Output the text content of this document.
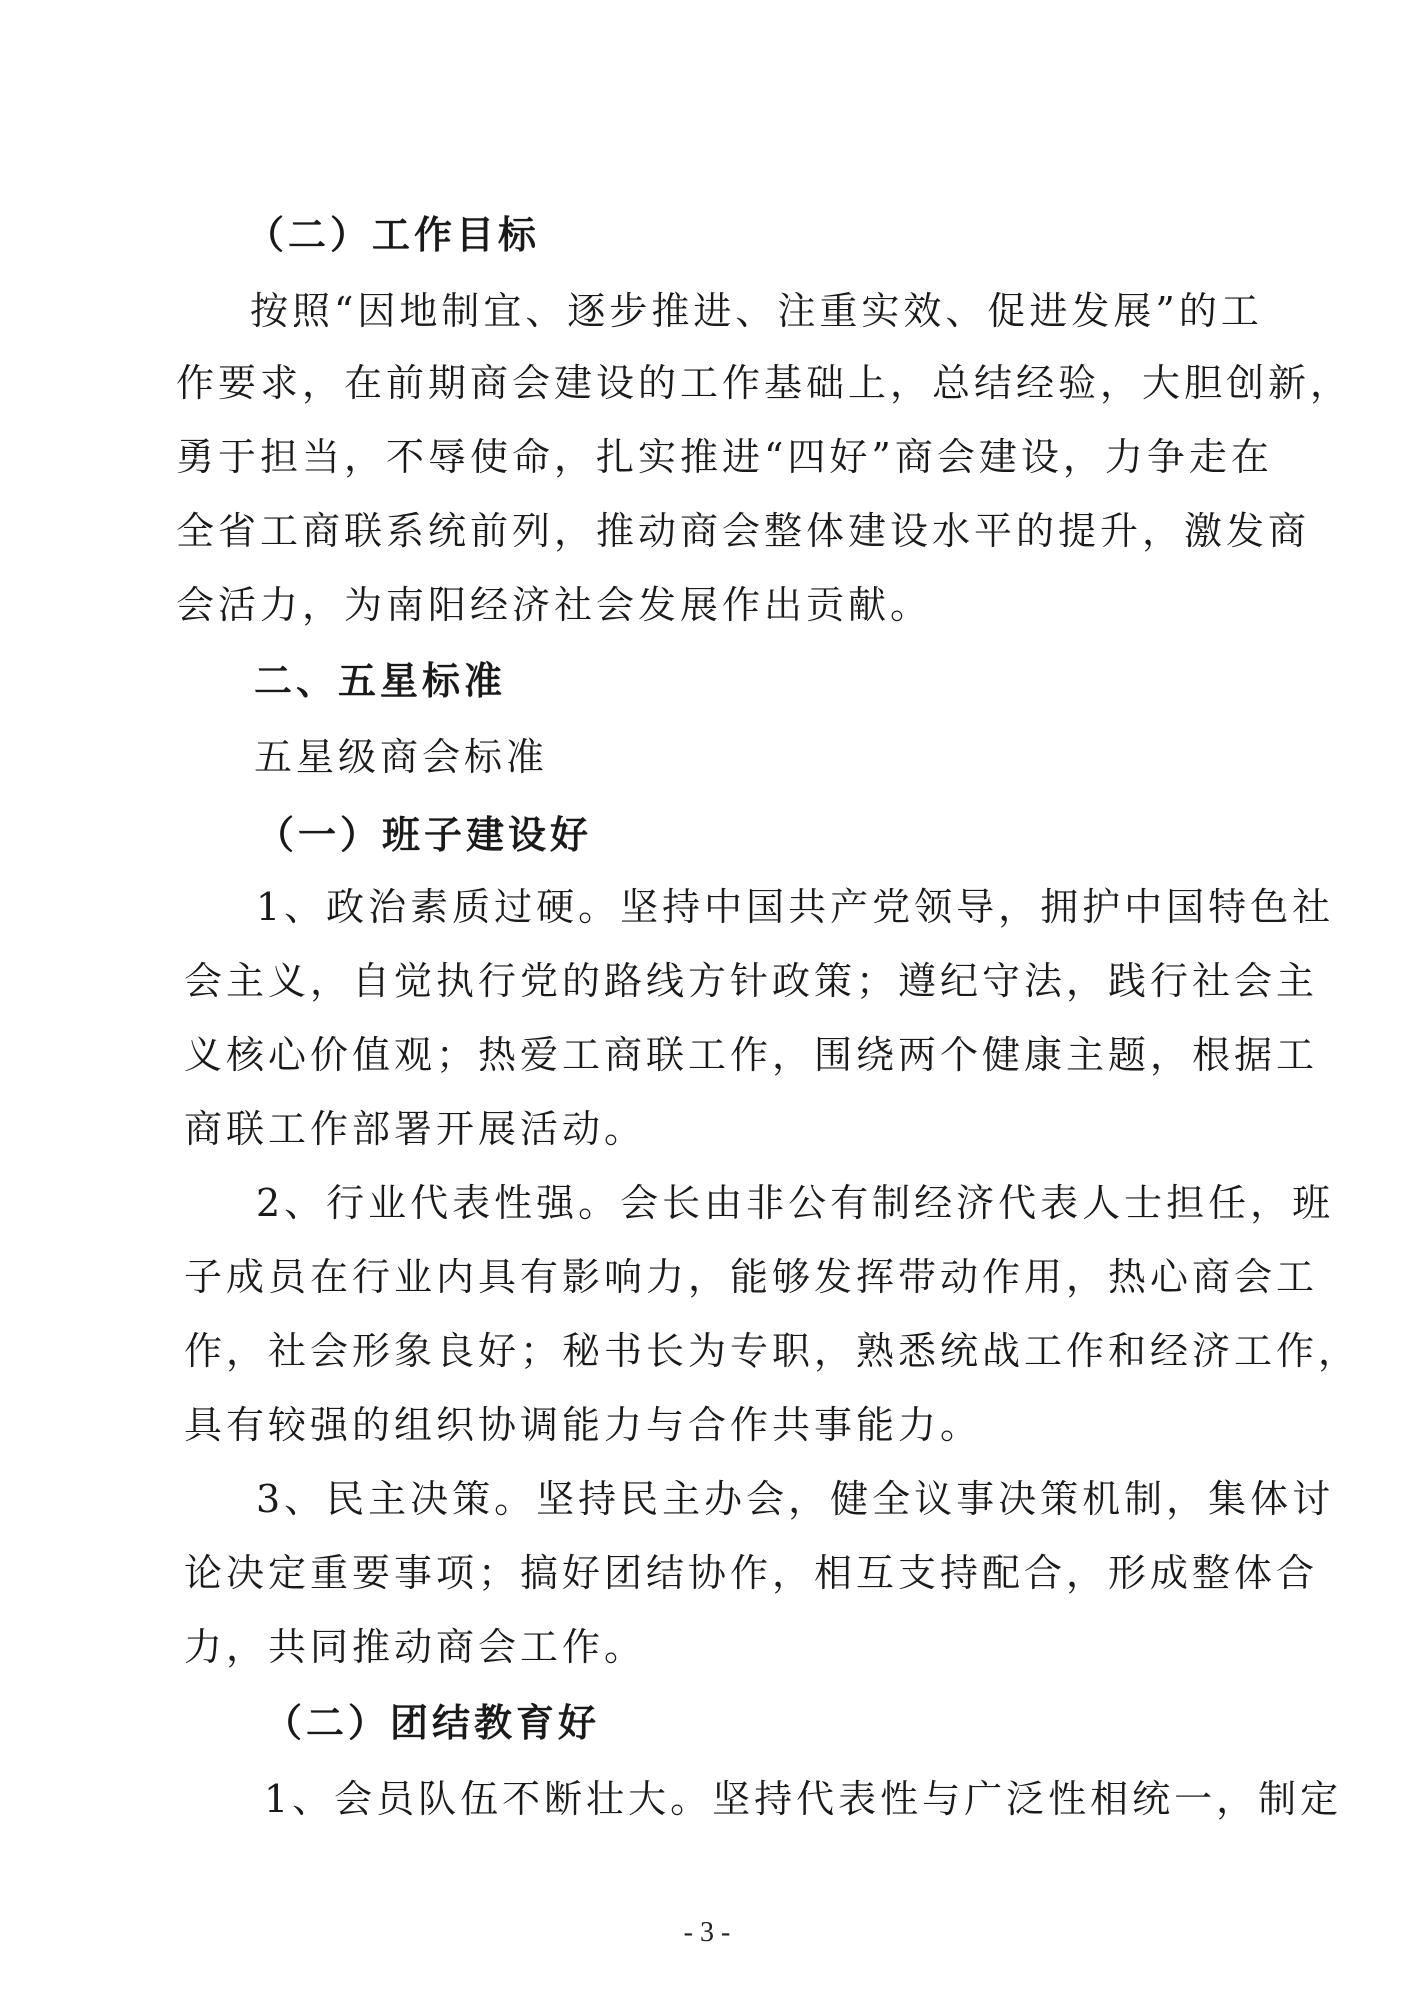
（二）工作目标
按照“因地制宜、逐步推进、注重实效、促进发展”的工
作要求，在前期商会建设的工作基础上，总结经验，大胆创新，
勇于担当，不辱使命，扎实推进“四好”商会建设，力争走在
全省工商联系统前列，推动商会整体建设水平的提升，激发商
会活力，为南阳经济社会发展作出贡献。
二、五星标准
五星级商会标准
（一）班子建设好
1、政治素质过硬。坚持中国共产党领导，拥护中国特色社
会主义，自觉执行党的路线方针政策；遵纪守法，践行社会主
义核心价值观；热爱工商联工作，围绕两个健康主题，根据工
商联工作部署开展活动。
2、行业代表性强。会长由非公有制经济代表人士担任，班
子成员在行业内具有影响力，能够发挥带动作用，热心商会工
作，社会形象良好；秘书长为专职，熟悉统战工作和经济工作，
具有较强的组织协调能力与合作共事能力。
3、民主决策。坚持民主办会，健全议事决策机制，集体讨
论决定重要事项；搞好团结协作，相互支持配合，形成整体合
力，共同推动商会工作。
（二）团结教育好
1、会员队伍不断壮大。坚持代表性与广泛性相统一，制定
- 3 -
